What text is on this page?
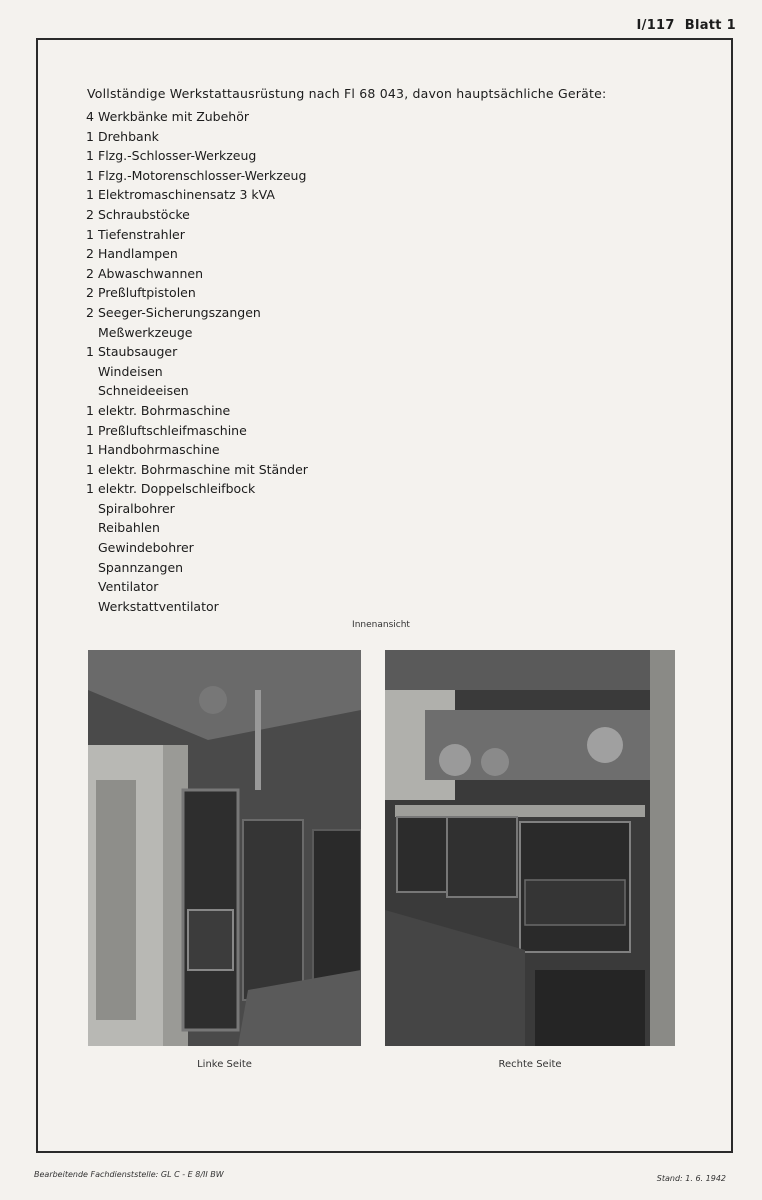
I/117 Blatt 1
Vollständige Werkstattausrüstung nach Fl 68 043, davon hauptsächliche Geräte:
4 Werkbänke mit Zubehör
1 Drehbank
1 Flzg.-Schlosser-Werkzeug
1 Flzg.-Motorenschlosser-Werkzeug
1 Elektromaschinensatz 3 kVA
2 Schraubstöcke
1 Tiefenstrahler
2 Handlampen
2 Abwaschwannen
2 Preßluftpistolen
2 Seeger-Sicherungszangen
Meßwerkzeuge
1 Staubsauger
Windeisen
Schneideeisen
1 elektr. Bohrmaschine
1 Preßluftschleifmaschine
1 Handbohrmaschine
1 elektr. Bohrmaschine mit Ständer
1 elektr. Doppelschleifbock
Spiralbohrer
Reibahlen
Gewindebohrer
Spannzangen
Ventilator
Werkstattventilator
Innenansicht
Linke Seite	Rechte Seite
Bearbeitende Fachdienststelle: GL C - E 8/II BW	Stand: 1. 6. 1942
